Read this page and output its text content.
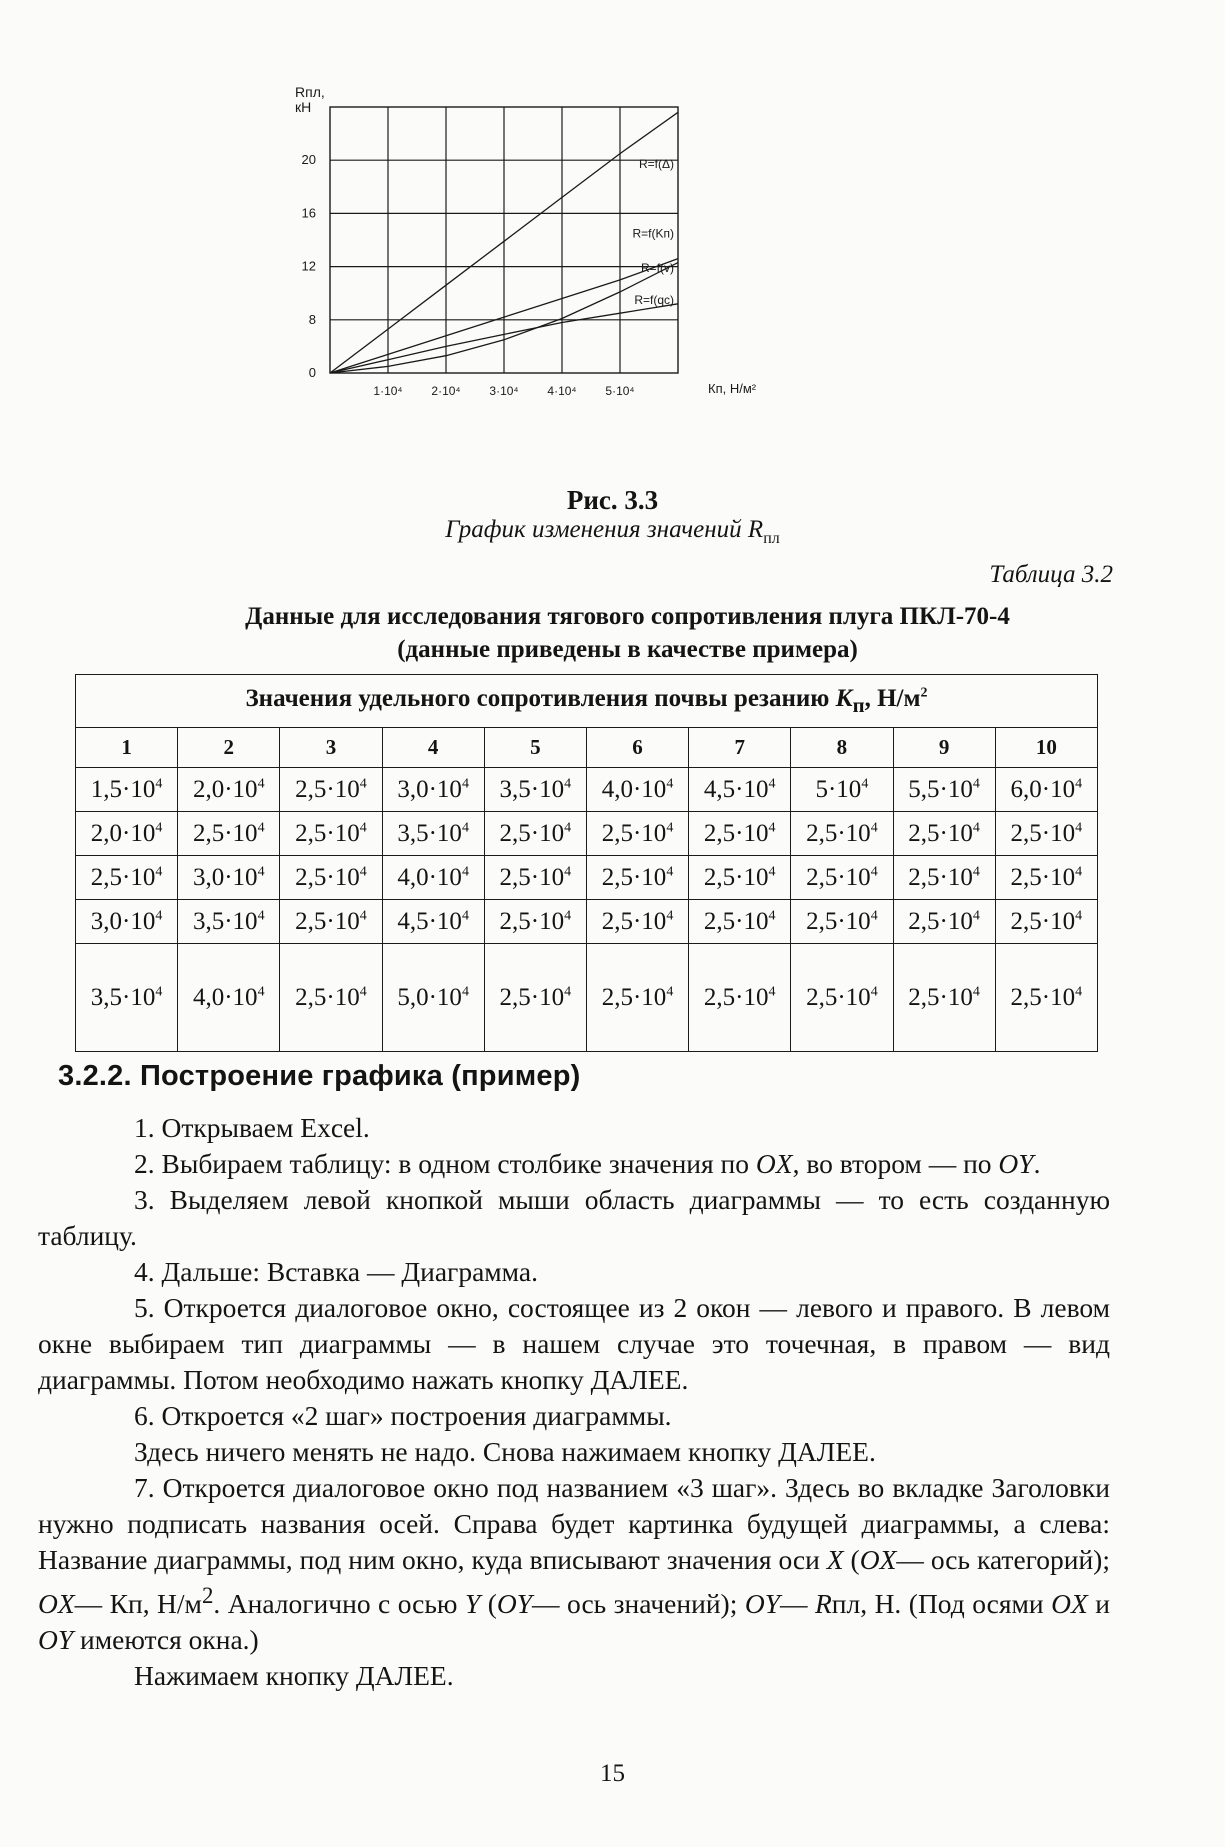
0
8
12
16
20
1·10⁴ 2·10⁴ 3·10⁴ 4·10⁴ 5·10⁴	Кп, Н/м²
R=f(Δ)
R=f(Kп)
R=f(v)
R=f(qc)
Rпл, кН
Рис. 3.3
График изменения значений $R_{пл}$
Таблица 3.2
Данные для исследования тягового сопротивления плуга ПКЛ-70-4
(данные приведены в качестве примера)
Значения удельного сопротивления почвы резанию $К_п$, $Н/м^2$
1	2	3	4	5	6	7	8	9	10
$1,5\cdot 10^4$	$2,0\cdot 10^4$	$2,5\cdot 10^4$	$3,0\cdot 10^4$	$3,5\cdot 10^4$	$4,0\cdot 10^4$	$4,5\cdot 10^4$	$5\cdot 10^4$	$5,5\cdot 10^4$	$6,0\cdot 10^4$
$2,0\cdot 10^4$	$2,5\cdot 10^4$	$2,5\cdot 10^4$	$3,5\cdot 10^4$	$2,5\cdot 10^4$	$2,5\cdot 10^4$	$2,5\cdot 10^4$	$2,5\cdot 10^4$	$2,5\cdot 10^4$	$2,5\cdot 10^4$
$2,5\cdot 10^4$	$3,0\cdot 10^4$	$2,5\cdot 10^4$	$4,0\cdot 10^4$	$2,5\cdot 10^4$	$2,5\cdot 10^4$	$2,5\cdot 10^4$	$2,5\cdot 10^4$	$2,5\cdot 10^4$	$2,5\cdot 10^4$
$3,0\cdot 10^4$	$3,5\cdot 10^4$	$2,5\cdot 10^4$	$4,5\cdot 10^4$	$2,5\cdot 10^4$	$2,5\cdot 10^4$	$2,5\cdot 10^4$	$2,5\cdot 10^4$	$2,5\cdot 10^4$	$2,5\cdot 10^4$
$3,5\cdot 10^4$	$4,0\cdot 10^4$	$2,5\cdot 10^4$	$5,0\cdot 10^4$	$2,5\cdot 10^4$	$2,5\cdot 10^4$	$2,5\cdot 10^4$	$2,5\cdot 10^4$	$2,5\cdot 10^4$	$2,5\cdot 10^4$
3.2.2. Построение графика (пример)

1. Открываем Excel.

2. Выбираем таблицу: в одном столбике значения по OX, во втором — по OY.

3. Выделяем левой кнопкой мыши область диаграммы — то есть созданную таблицу.

4. Дальше: Вставка — Диаграмма.

5. Откроется диалоговое окно, состоящее из 2 окон — левого и правого. В левом окне выбираем тип диаграммы — в нашем случае это точечная, в правом — вид диаграммы. Потом необходимо нажать кнопку ДАЛЕЕ.

6. Откроется «2 шаг» построения диаграммы.

Здесь ничего менять не надо. Снова нажимаем кнопку ДАЛЕЕ.

7. Откроется диалоговое окно под названием «3 шаг». Здесь во вкладке Заголовки нужно подписать названия осей. Справа будет картинка будущей диаграммы, а слева: Название диаграммы, под ним окно, куда вписывают значения оси X (OX— ось категорий); OX— Кп, $Н/м^2$. Аналогично с осью Y (OY— ось значений); OY— Rпл, Н. (Под осями OX и OY имеются окна.)

Нажимаем кнопку ДАЛЕЕ.

15
